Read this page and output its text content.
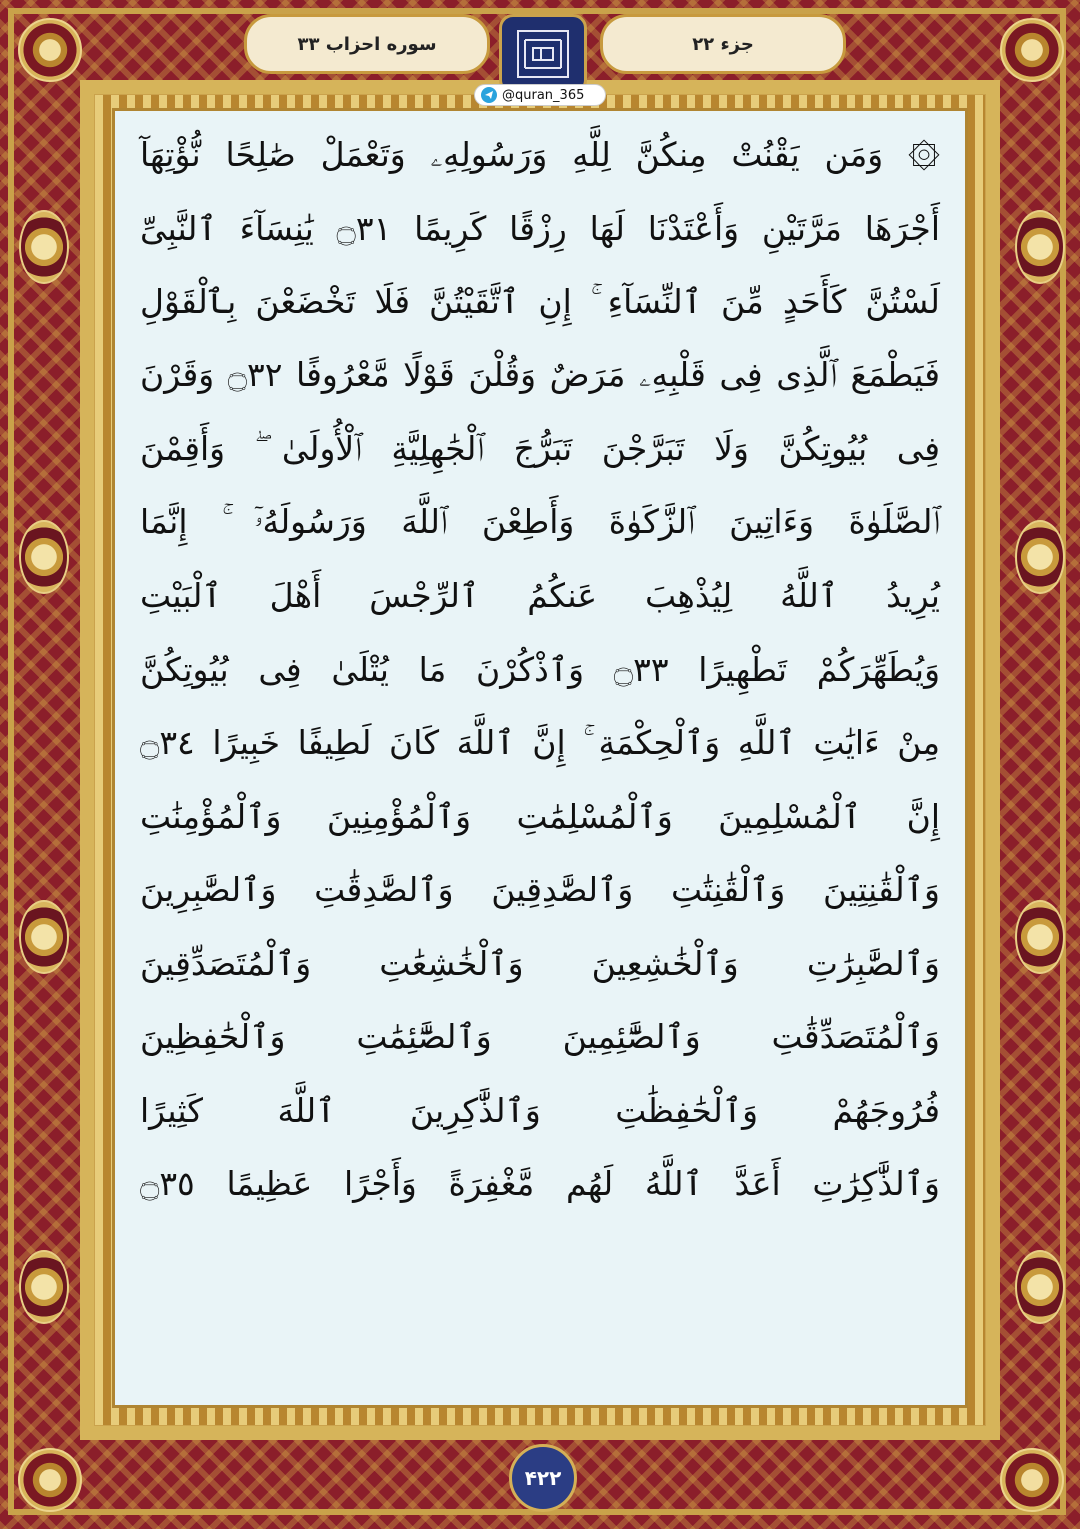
سوره احزاب ۳۳	جزء ۲۲
@quran_365
۞ وَمَن يَقْنُتْ مِنكُنَّ لِلَّهِ وَرَسُولِهِۦ وَتَعْمَلْ صَٰلِحًا نُّؤْتِهَآ
أَجْرَهَا مَرَّتَيْنِ وَأَعْتَدْنَا لَهَا رِزْقًا كَرِيمًا ۝٣١ يَٰنِسَآءَ ٱلنَّبِىِّ
لَسْتُنَّ كَأَحَدٍ مِّنَ ٱلنِّسَآءِ ۚ إِنِ ٱتَّقَيْتُنَّ فَلَا تَخْضَعْنَ بِٱلْقَوْلِ
فَيَطْمَعَ ٱلَّذِى فِى قَلْبِهِۦ مَرَضٌ وَقُلْنَ قَوْلًا مَّعْرُوفًا ۝٣٢ وَقَرْنَ
فِى بُيُوتِكُنَّ وَلَا تَبَرَّجْنَ تَبَرُّجَ ٱلْجَٰهِلِيَّةِ ٱلْأُولَىٰ ۖ وَأَقِمْنَ
ٱلصَّلَوٰةَ وَءَاتِينَ ٱلزَّكَوٰةَ وَأَطِعْنَ ٱللَّهَ وَرَسُولَهُۥٓ ۚ إِنَّمَا
يُرِيدُ ٱللَّهُ لِيُذْهِبَ عَنكُمُ ٱلرِّجْسَ أَهْلَ ٱلْبَيْتِ
وَيُطَهِّرَكُمْ تَطْهِيرًا ۝٣٣ وَٱذْكُرْنَ مَا يُتْلَىٰ فِى بُيُوتِكُنَّ
مِنْ ءَايَٰتِ ٱللَّهِ وَٱلْحِكْمَةِ ۚ إِنَّ ٱللَّهَ كَانَ لَطِيفًا خَبِيرًا ۝٣٤
إِنَّ ٱلْمُسْلِمِينَ وَٱلْمُسْلِمَٰتِ وَٱلْمُؤْمِنِينَ وَٱلْمُؤْمِنَٰتِ
وَٱلْقَٰنِتِينَ وَٱلْقَٰنِتَٰتِ وَٱلصَّٰدِقِينَ وَٱلصَّٰدِقَٰتِ وَٱلصَّٰبِرِينَ
وَٱلصَّٰبِرَٰتِ وَٱلْخَٰشِعِينَ وَٱلْخَٰشِعَٰتِ وَٱلْمُتَصَدِّقِينَ
وَٱلْمُتَصَدِّقَٰتِ وَٱلصَّٰٓئِمِينَ وَٱلصَّٰٓئِمَٰتِ وَٱلْحَٰفِظِينَ
فُرُوجَهُمْ وَٱلْحَٰفِظَٰتِ وَٱلذَّٰكِرِينَ ٱللَّهَ كَثِيرًا
وَٱلذَّٰكِرَٰتِ أَعَدَّ ٱللَّهُ لَهُم مَّغْفِرَةً وَأَجْرًا عَظِيمًا ۝٣٥
۴۲۲
